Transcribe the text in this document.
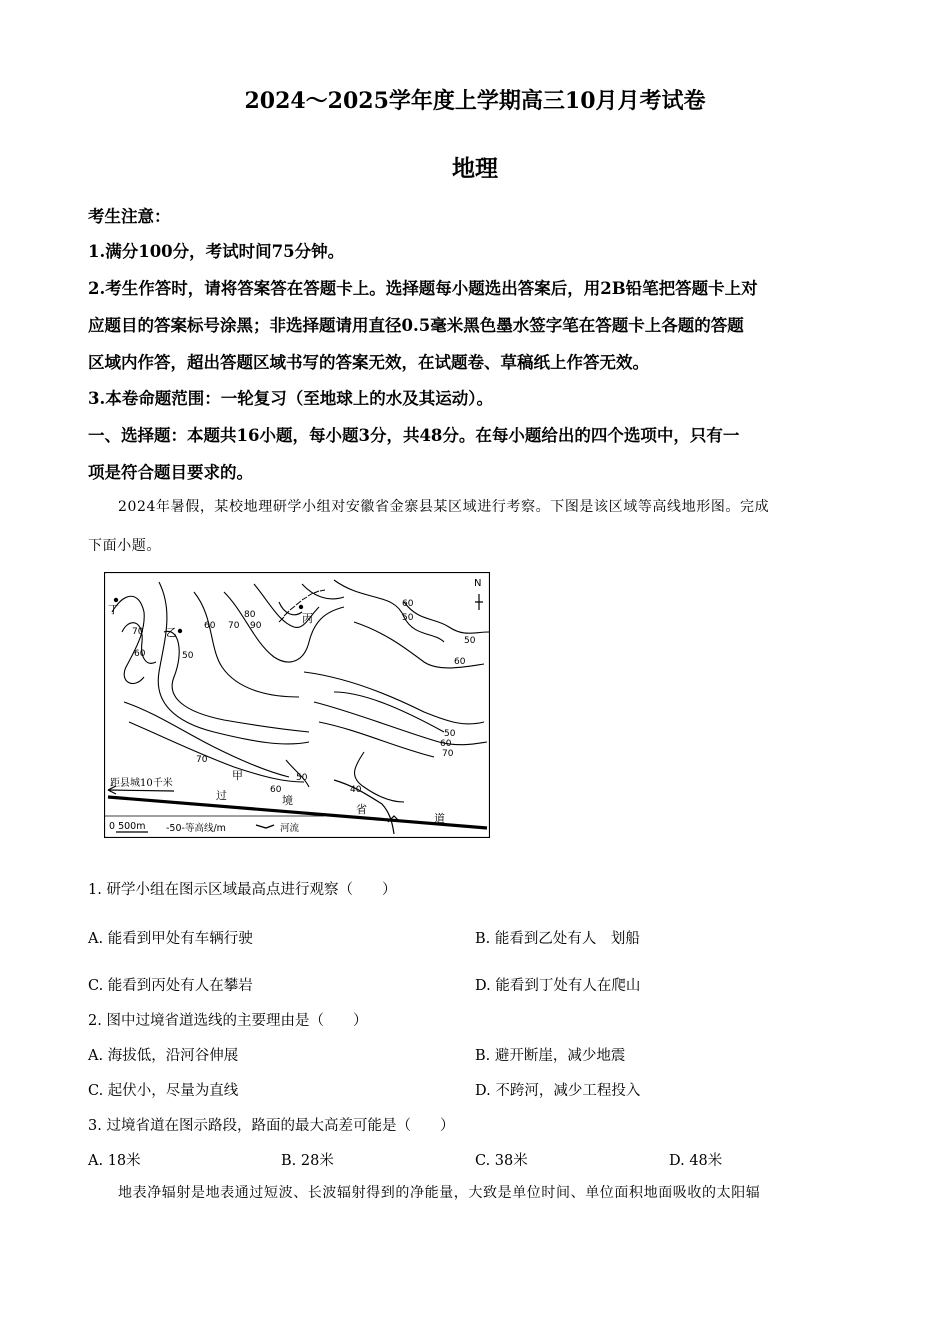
2024～2025学年度上学期高三10月月考试卷
地理
考生注意：
1.满分100分，考试时间75分钟。
2.考生作答时，请将答案答在答题卡上。选择题每小题选出答案后，用2B铅笔把答题卡上对
应题目的答案标号涂黑；非选择题请用直径0.5毫米黑色墨水签字笔在答题卡上各题的答题
区域内作答，超出答题区域书写的答案无效，在试题卷、草稿纸上作答无效。
3.本卷命题范围：一轮复习（至地球上的水及其运动）。
一、选择题：本题共16小题，每小题3分，共48分。在每小题给出的四个选项中，只有一
项是符合题目要求的。
2024年暑假，某校地理研学小组对安徽省金寨县某区域进行考察。下图是该区域等高线地形图。完成
下面小题。
N
丁
乙
丙
甲
距县城10千米
过	境
省
道
70
60	50
60 70
80
90
60
50
50
60
50
60
70
70
60
50
40
0 500m -50-等高线/m	河流
1. 研学小组在图示区域最高点进行观察（　　）
A. 能看到甲处有车辆行驶	B. 能看到乙处有人　划船
C. 能看到丙处有人在攀岩	D. 能看到丁处有人在爬山
2. 图中过境省道选线的主要理由是（　　）
A. 海拔低，沿河谷伸展	B. 避开断崖，减少地震
C. 起伏小，尽量为直线	D. 不跨河，减少工程投入
3. 过境省道在图示路段，路面的最大高差可能是（　　）
A. 18米	B. 28米	C. 38米	D. 48米
地表净辐射是地表通过短波、长波辐射得到的净能量，大致是单位时间、单位面积地面吸收的太阳辐
